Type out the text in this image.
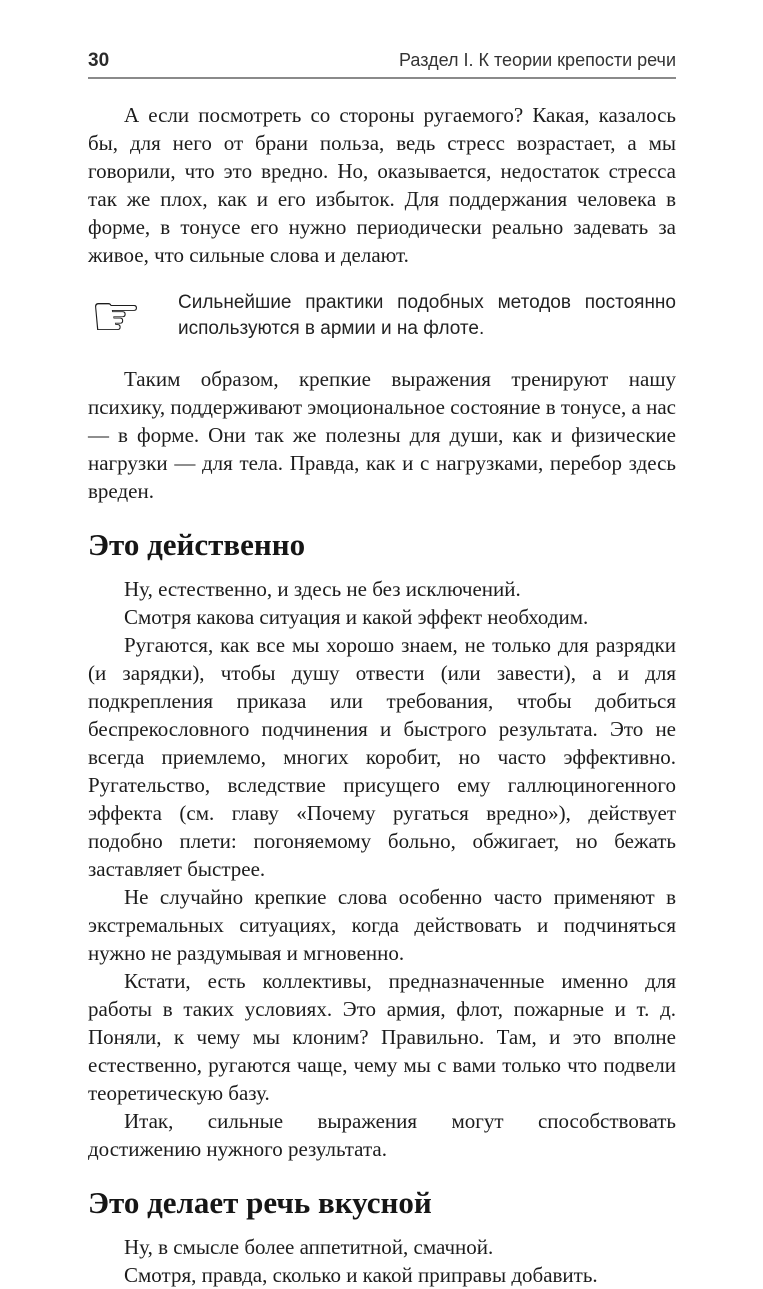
30	Раздел I. К теории крепости речи

А если посмотреть со стороны ругаемого? Какая, казалось бы, для него от брани польза, ведь стресс возрастает, а мы говорили, что это вредно. Но, оказывается, недостаток стресса так же плох, как и его избыток. Для поддержания человека в форме, в тонусе его нужно периодически реально задевать за живое, что сильные слова и делают.

☞	Сильнейшие практики подобных методов постоянно используются в армии и на флоте.

Таким образом, крепкие выражения тренируют нашу психику, поддерживают эмоциональное состояние в тонусе, а нас — в форме. Они так же полезны для души, как и физические нагрузки — для тела. Правда, как и с нагрузками, перебор здесь вреден.

Это действенно

Ну, естественно, и здесь не без исключений.

Смотря какова ситуация и какой эффект необходим.

Ругаются, как все мы хорошо знаем, не только для разрядки (и зарядки), чтобы душу отвести (или завести), а и для подкрепления приказа или требования, чтобы добиться беспрекословного подчинения и быстрого результата. Это не всегда приемлемо, многих коробит, но часто эффективно. Ругательство, вследствие присущего ему галлюциногенного эффекта (см. главу «Почему ругаться вредно»), действует подобно плети: погоняемому больно, обжигает, но бежать заставляет быстрее.

Не случайно крепкие слова особенно часто применяют в экстремальных ситуациях, когда действовать и подчиняться нужно не раздумывая и мгновенно.

Кстати, есть коллективы, предназначенные именно для работы в таких условиях. Это армия, флот, пожарные и т. д. Поняли, к чему мы клоним? Правильно. Там, и это вполне естественно, ругаются чаще, чему мы с вами только что подвели теоретическую базу.

Итак, сильные выражения могут способствовать достижению нужного результата.

Это делает речь вкусной

Ну, в смысле более аппетитной, смачной.

Смотря, правда, сколько и какой приправы добавить.
